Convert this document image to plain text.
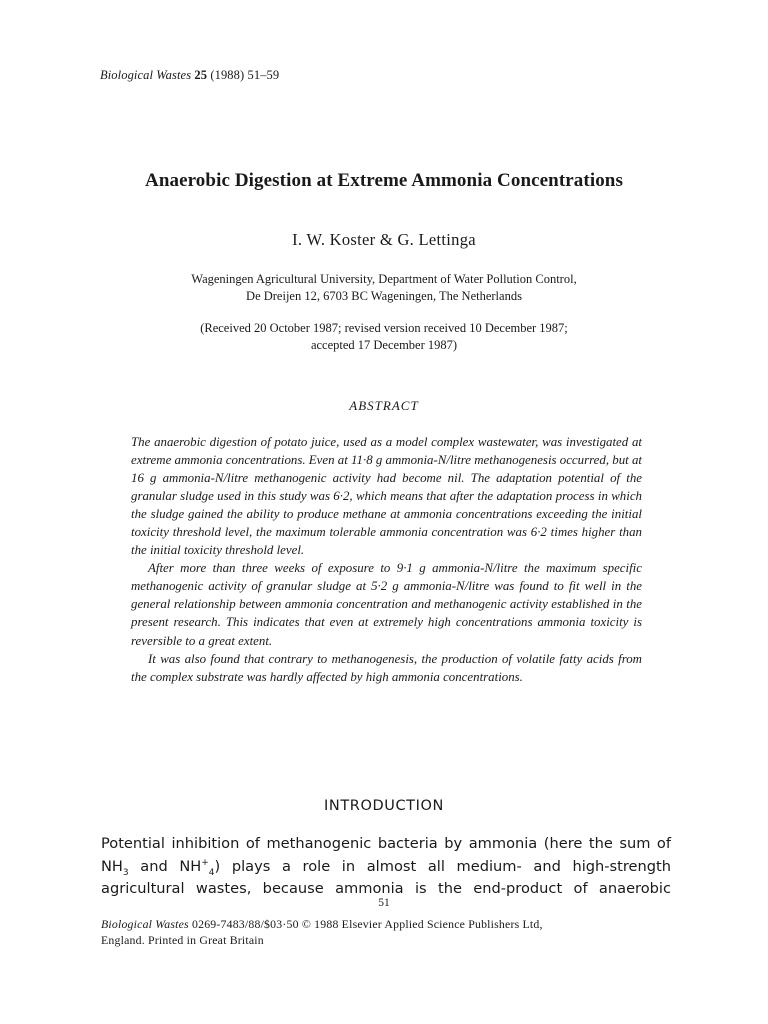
Biological Wastes 25 (1988) 51–59
Anaerobic Digestion at Extreme Ammonia Concentrations
I. W. Koster & G. Lettinga
Wageningen Agricultural University, Department of Water Pollution Control,
De Dreijen 12, 6703 BC Wageningen, The Netherlands
(Received 20 October 1987; revised version received 10 December 1987;
accepted 17 December 1987)
ABSTRACT

The anaerobic digestion of potato juice, used as a model complex wastewater, was investigated at extreme ammonia concentrations. Even at 11·8 g ammonia-N/litre methanogenesis occurred, but at 16 g ammonia-N/litre methanogenic activity had become nil. The adaptation potential of the granular sludge used in this study was 6·2, which means that after the adaptation process in which the sludge gained the ability to produce methane at ammonia concentrations exceeding the initial toxicity threshold level, the maximum tolerable ammonia concentration was 6·2 times higher than the initial toxicity threshold level.

After more than three weeks of exposure to 9·1 g ammonia-N/litre the maximum specific methanogenic activity of granular sludge at 5·2 g ammonia-N/litre was found to fit well in the general relationship between ammonia concentration and methanogenic activity established in the present research. This indicates that even at extremely high concentrations ammonia toxicity is reversible to a great extent.

It was also found that contrary to methanogenesis, the production of volatile fatty acids from the complex substrate was hardly affected by high ammonia concentrations.

INTRODUCTION
Potential inhibition of methanogenic bacteria by ammonia (here the sum of $NH_3$ and $NH^+_4$) plays a role in almost all medium- and high-strength agricultural wastes, because ammonia is the end-product of anaerobic
51
Biological Wastes 0269-7483/88/$03·50 © 1988 Elsevier Applied Science Publishers Ltd,
England. Printed in Great Britain
